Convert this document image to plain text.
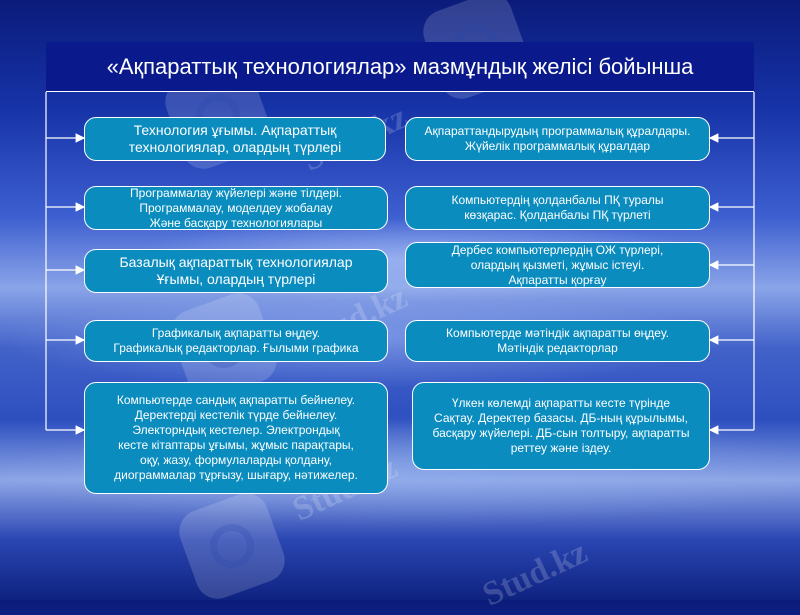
Stud.kz
Stud.kz
«Ақпараттық технологиялар» мазмұндық желісі бойынша
Технология ұғымы. Ақпараттық
технологиялар, олардың түрлері
Программалау жүйелері және тілдері.
Программалау, моделдеу жобалау
Және басқару технологиялары
Базалық ақпараттық технологиялар
Ұғымы, олардың түрлері
Графикалық ақпаратты өңдеу.
Графикалық редакторлар. Ғылыми графика
Компьютерде сандық ақпаратты бейнелеу.
Деректерді кестелік түрде бейнелеу.
Электорндық кестелер. Электрондық
кесте кітаптары ұғымы, жұмыс парақтары,
оқу, жазу, формулаларды қолдану,
диограммалар тұрғызу, шығару, нәтижелер.
Ақпараттандырудың программалық құралдары.
Жүйелік программалық құралдар
Компьютердің қолданбалы ПҚ туралы
көзқарас. Қолданбалы ПҚ түрлеті
Дербес компьютерлердің ОЖ түрлері,
олардың қызметі, жұмыс істеуі.
Ақпаратты қорғау
Компьютерде мәтіндік ақпаратты өңдеу.
Мәтіндік редакторлар
Үлкен көлемді ақпаратты кесте түрінде
Сақтау. Деректер базасы. ДБ-ның құрылымы,
басқару жүйелері. ДБ-сын толтыру, ақпаратты
реттеу және іздеу.
